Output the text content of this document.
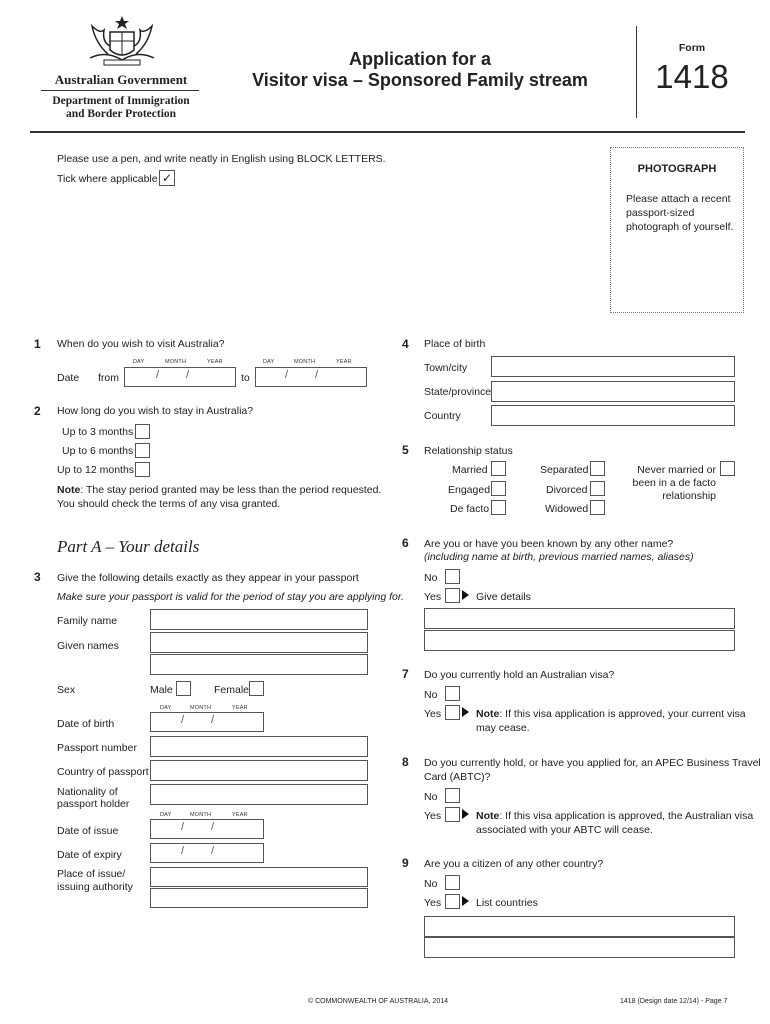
Australian Government
Department of Immigration
and Border Protection
Application for a
Visitor visa – Sponsored Family stream
Form
1418
Please use a pen, and write neatly in English using BLOCK LETTERS.
Tick where applicable ✓
PHOTOGRAPH
Please attach a recent
passport-sized
photograph of yourself.
1 When do you wish to visit Australia?
DAY	MONTH	YEAR	DAY	MONTH	YEAR
Date from	/ /	to	/ /
2 How long do you wish to stay in Australia?
Up to 3 months
Up to 6 months
Up to 12 months
Note: The stay period granted may be less than the period requested.
You should check the terms of any visa granted.
Part A – Your details
3 Give the following details exactly as they appear in your passport
Make sure your passport is valid for the period of stay you are applying for.
Family name
Given names
Sex	Male	Female
DAY	MONTH	YEAR
Date of birth	/ /
Passport number
Country of passport
Nationality of
passport holder
DAY	MONTH	YEAR
Date of issue	/ /
Date of expiry	/ /
Place of issue/
issuing authority
4 Place of birth
Town/city
State/province
Country
5 Relationship status
Married
Engaged
De facto
Separated
Divorced
Widowed
Never married or
been in a de facto
relationship
6 Are you or have you been known by any other name?
(including name at birth, previous married names, aliases)
No
Yes	Give details
7 Do you currently hold an Australian visa?
No
Yes	Note: If this visa application is approved, your current visa
may cease.
8 Do you currently hold, or have you applied for, an APEC Business Travel
Card (ABTC)?
No
Yes	Note: If this visa application is approved, the Australian visa
associated with your ABTC will cease.
9 Are you a citizen of any other country?
No
Yes	List countries
© COMMONWEALTH OF AUSTRALIA, 2014	1418 (Design date 12/14) - Page 7
